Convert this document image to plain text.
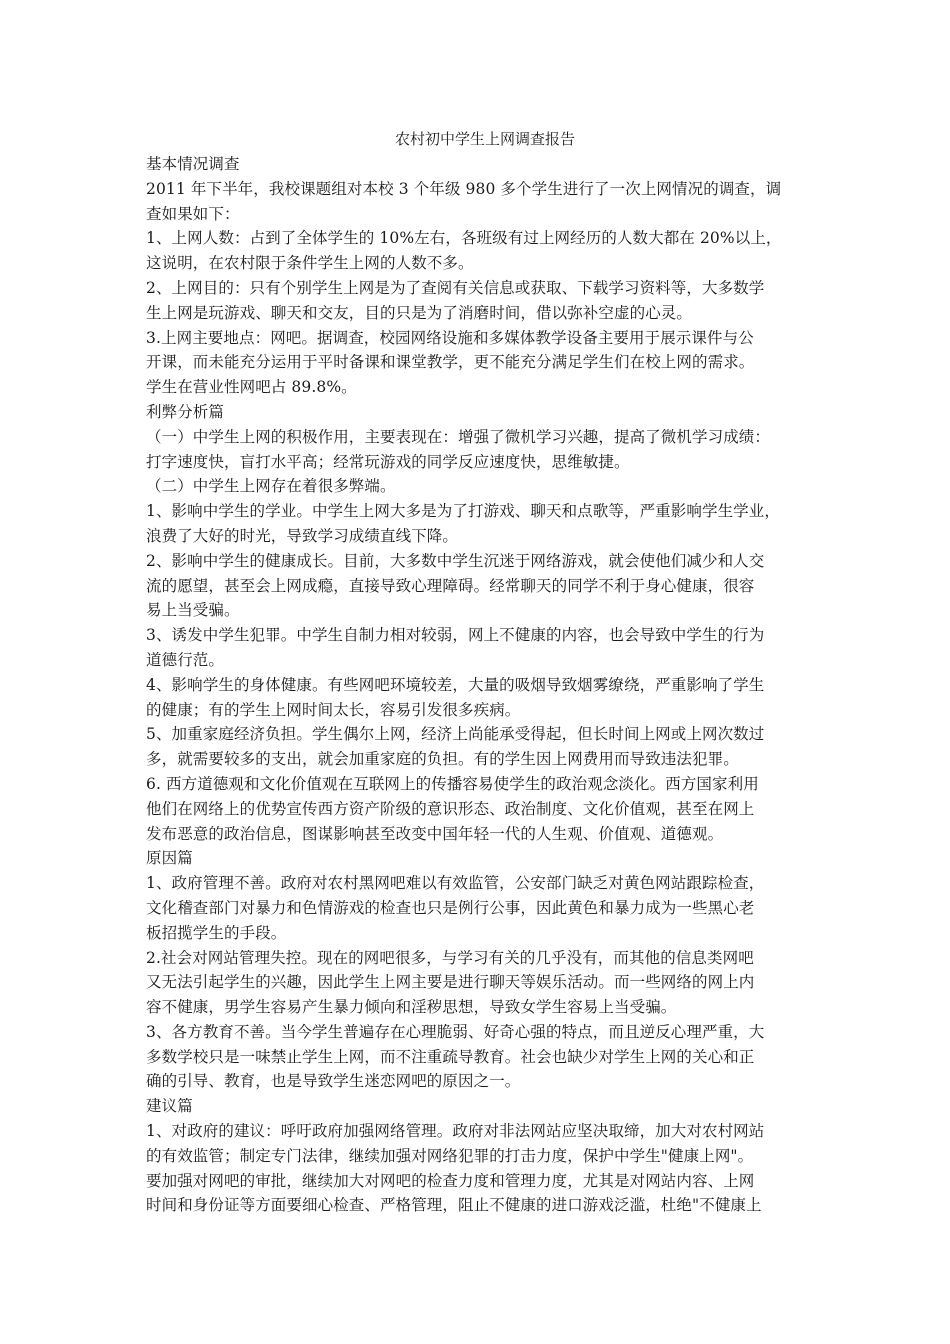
农村初中学生上网调查报告
基本情况调查
2011 年下半年，我校课题组对本校 3 个年级 980 多个学生进行了一次上网情况的调查，调
查如果如下：
1、上网人数：占到了全体学生的 10%左右，各班级有过上网经历的人数大都在 20%以上，
这说明，在农村限于条件学生上网的人数不多。
2、上网目的：只有个别学生上网是为了查阅有关信息或获取、下载学习资料等，大多数学
生上网是玩游戏、聊天和交友，目的只是为了消磨时间，借以弥补空虚的心灵。
3.上网主要地点：网吧。据调查，校园网络设施和多媒体教学设备主要用于展示课件与公
开课，而未能充分运用于平时备课和课堂教学，更不能充分满足学生们在校上网的需求。
学生在营业性网吧占 89.8%。
利弊分析篇
（一）中学生上网的积极作用，主要表现在：增强了微机学习兴趣，提高了微机学习成绩：
打字速度快，盲打水平高；经常玩游戏的同学反应速度快，思维敏捷。
（二）中学生上网存在着很多弊端。
1、影响中学生的学业。中学生上网大多是为了打游戏、聊天和点歌等，严重影响学生学业，
浪费了大好的时光，导致学习成绩直线下降。
2、影响中学生的健康成长。目前，大多数中学生沉迷于网络游戏，就会使他们减少和人交
流的愿望，甚至会上网成瘾，直接导致心理障碍。经常聊天的同学不利于身心健康，很容
易上当受骗。
3、诱发中学生犯罪。中学生自制力相对较弱，网上不健康的内容，也会导致中学生的行为
道德行范。
4、影响学生的身体健康。有些网吧环境较差，大量的吸烟导致烟雾缭绕，严重影响了学生
的健康；有的学生上网时间太长，容易引发很多疾病。
5、加重家庭经济负担。学生偶尔上网，经济上尚能承受得起，但长时间上网或上网次数过
多，就需要较多的支出，就会加重家庭的负担。有的学生因上网费用而导致违法犯罪。
6. 西方道德观和文化价值观在互联网上的传播容易使学生的政治观念淡化。西方国家利用
他们在网络上的优势宣传西方资产阶级的意识形态、政治制度、文化价值观，甚至在网上
发布恶意的政治信息，图谋影响甚至改变中国年轻一代的人生观、价值观、道德观。
原因篇
1、政府管理不善。政府对农村黑网吧难以有效监管，公安部门缺乏对黄色网站跟踪检查，
文化稽查部门对暴力和色情游戏的检查也只是例行公事，因此黄色和暴力成为一些黑心老
板招揽学生的手段。
2.社会对网站管理失控。现在的网吧很多，与学习有关的几乎没有，而其他的信息类网吧
又无法引起学生的兴趣，因此学生上网主要是进行聊天等娱乐活动。而一些网络的网上内
容不健康，男学生容易产生暴力倾向和淫秽思想，导致女学生容易上当受骗。
3、各方教育不善。当今学生普遍存在心理脆弱、好奇心强的特点，而且逆反心理严重，大
多数学校只是一味禁止学生上网，而不注重疏导教育。社会也缺少对学生上网的关心和正
确的引导、教育，也是导致学生迷恋网吧的原因之一。
建议篇
1、对政府的建议：呼吁政府加强网络管理。政府对非法网站应坚决取缔，加大对农村网站
的有效监管；制定专门法律，继续加强对网络犯罪的打击力度，保护中学生"健康上网"。
要加强对网吧的审批，继续加大对网吧的检查力度和管理力度，尤其是对网站内容、上网
时间和身份证等方面要细心检查、严格管理，阻止不健康的进口游戏泛滥，杜绝"不健康上
